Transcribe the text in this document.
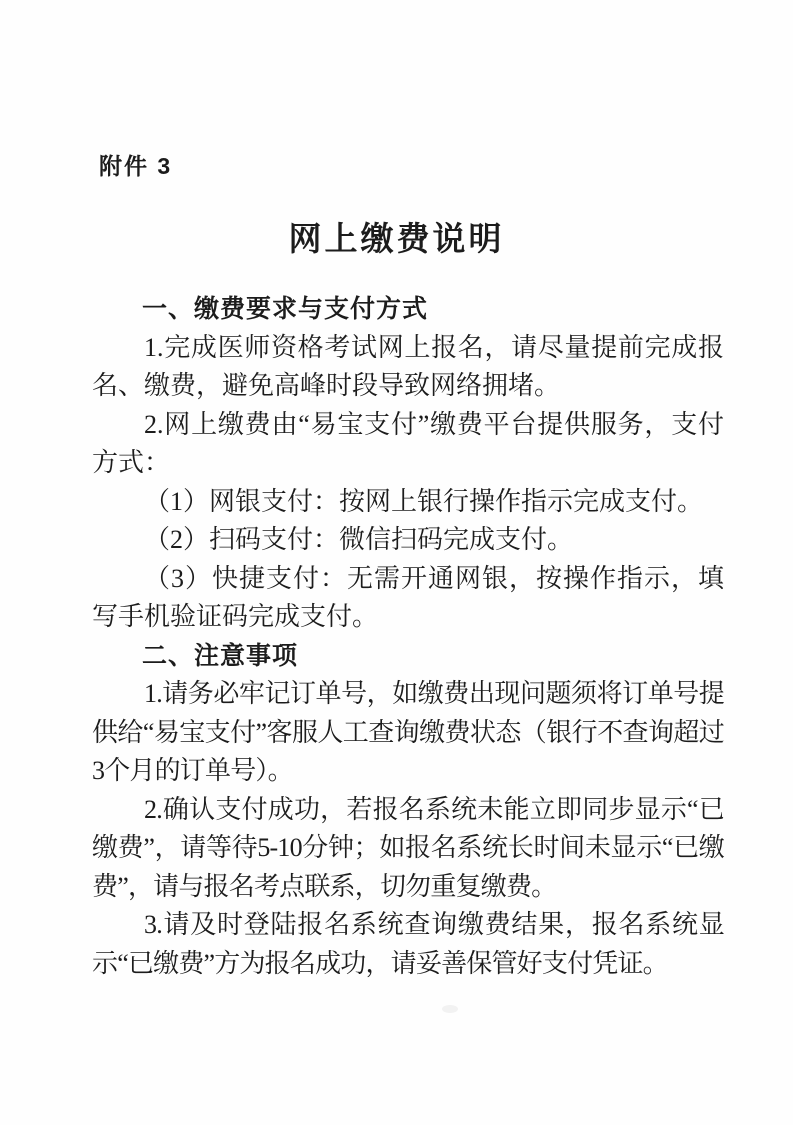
附件 3
网上缴费说明
一、缴费要求与支付方式

1.完成医师资格考试网上报名，请尽量提前完成报名、缴费，避免高峰时段导致网络拥堵。

2.网上缴费由“易宝支付”缴费平台提供服务，支付方式：

（1）网银支付：按网上银行操作指示完成支付。

（2）扫码支付：微信扫码完成支付。

（3）快捷支付：无需开通网银，按操作指示，填写手机验证码完成支付。

二、注意事项

1.请务必牢记订单号，如缴费出现问题须将订单号提供给“易宝支付”客服人工查询缴费状态（银行不查询超过3个月的订单号）。

2.确认支付成功，若报名系统未能立即同步显示“已缴费”，请等待5-10分钟；如报名系统长时间未显示“已缴费”，请与报名考点联系，切勿重复缴费。

3.请及时登陆报名系统查询缴费结果，报名系统显示“已缴费”方为报名成功，请妥善保管好支付凭证。
